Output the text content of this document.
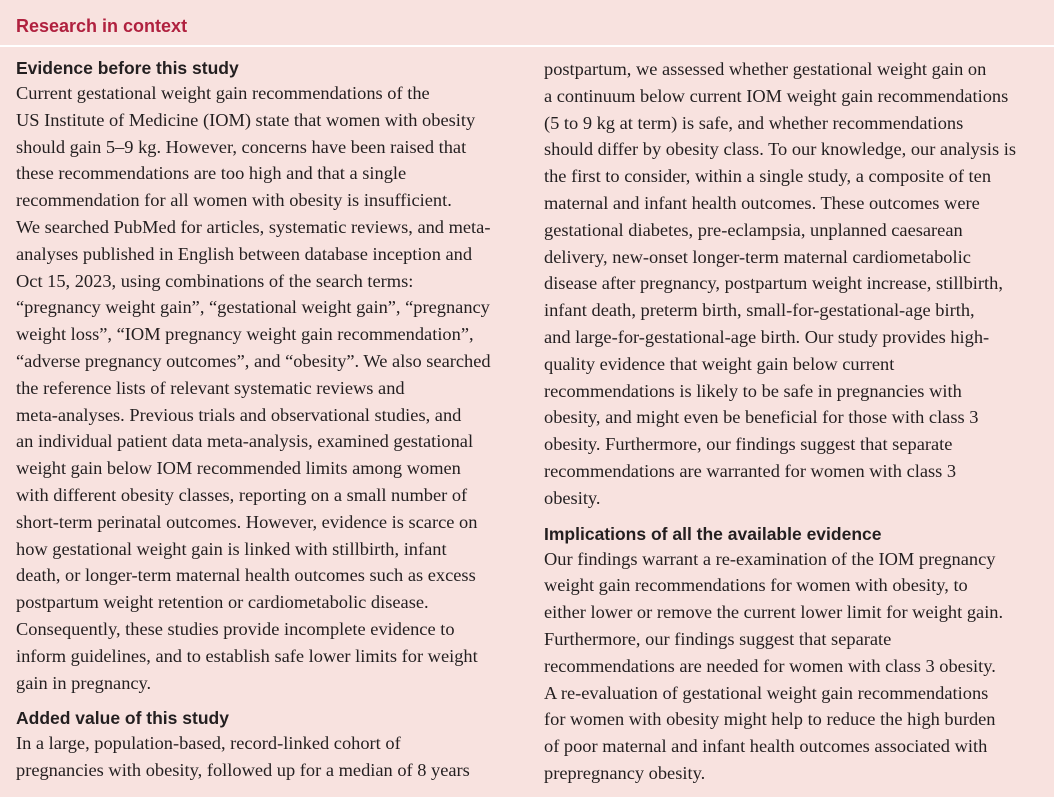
Research in context
Evidence before this study
Current gestational weight gain recommendations of the
US Institute of Medicine (IOM) state that women with obesity
should gain 5–9 kg. However, concerns have been raised that
these recommendations are too high and that a single
recommendation for all women with obesity is insufficient.
We searched PubMed for articles, systematic reviews, and meta-
analyses published in English between database inception and
Oct 15, 2023, using combinations of the search terms:
“pregnancy weight gain”, “gestational weight gain”, “pregnancy
weight loss”, “IOM pregnancy weight gain recommendation”,
“adverse pregnancy outcomes”, and “obesity”. We also searched
the reference lists of relevant systematic reviews and
meta-analyses. Previous trials and observational studies, and
an individual patient data meta-analysis, examined gestational
weight gain below IOM recommended limits among women
with different obesity classes, reporting on a small number of
short-term perinatal outcomes. However, evidence is scarce on
how gestational weight gain is linked with stillbirth, infant
death, or longer-term maternal health outcomes such as excess
postpartum weight retention or cardiometabolic disease.
Consequently, these studies provide incomplete evidence to
inform guidelines, and to establish safe lower limits for weight
gain in pregnancy.
Added value of this study
In a large, population-based, record-linked cohort of
pregnancies with obesity, followed up for a median of 8 years
postpartum, we assessed whether gestational weight gain on
a continuum below current IOM weight gain recommendations
(5 to 9 kg at term) is safe, and whether recommendations
should differ by obesity class. To our knowledge, our analysis is
the first to consider, within a single study, a composite of ten
maternal and infant health outcomes. These outcomes were
gestational diabetes, pre-eclampsia, unplanned caesarean
delivery, new-onset longer-term maternal cardiometabolic
disease after pregnancy, postpartum weight increase, stillbirth,
infant death, preterm birth, small-for-gestational-age birth,
and large-for-gestational-age birth. Our study provides high-
quality evidence that weight gain below current
recommendations is likely to be safe in pregnancies with
obesity, and might even be beneficial for those with class 3
obesity. Furthermore, our findings suggest that separate
recommendations are warranted for women with class 3
obesity.
Implications of all the available evidence
Our findings warrant a re-examination of the IOM pregnancy
weight gain recommendations for women with obesity, to
either lower or remove the current lower limit for weight gain.
Furthermore, our findings suggest that separate
recommendations are needed for women with class 3 obesity.
A re-evaluation of gestational weight gain recommendations
for women with obesity might help to reduce the high burden
of poor maternal and infant health outcomes associated with
prepregnancy obesity.
